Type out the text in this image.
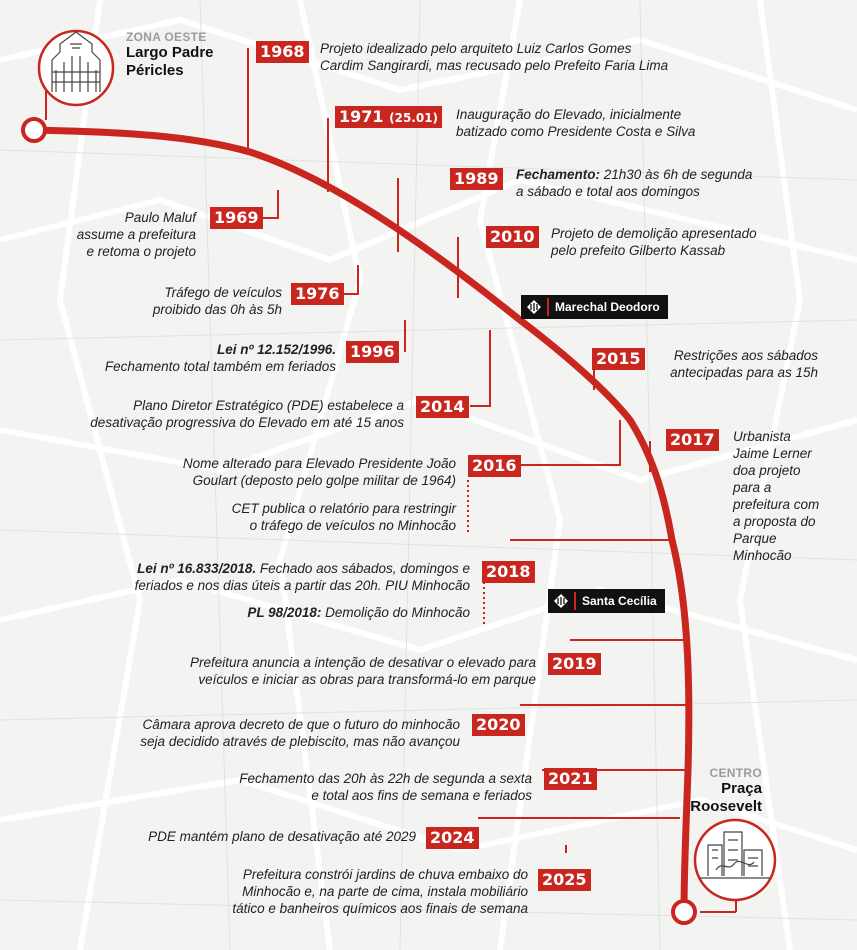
ZONA OESTE
Largo Padre
Péricles
CENTRO
Praça
Roosevelt
Marechal Deodoro
Santa Cecília
1968 Projeto idealizado pelo arquiteto Luiz Carlos Gomes
Cardim Sangirardi, mas recusado pelo Prefeito Faria Lima
1971 (25.01) Inauguração do Elevado, inicialmente
batizado como Presidente Costa e Silva
1989 Fechamento: 21h30 às 6h de segunda
a sábado e total aos domingos
Paulo Maluf
assume a prefeitura
e retoma o projeto
1969
2010 Projeto de demolição apresentado
pelo prefeito Gilberto Kassab
Tráfego de veículos
proibido das 0h às 5h
1976
Lei nº 12.152/1996.
Fechamento total também em feriados
1996	2015	Restrições aos sábados
antecipadas para as 15h
Plano Diretor Estratégico (PDE) estabelece a
desativação progressiva do Elevado em até 15 anos
2014
2017 Urbanista
Jaime Lerner
doa projeto
para a
prefeitura com
a proposta do
Parque
Minhocão
Nome alterado para Elevado Presidente João
Goulart (deposto pelo golpe militar de 1964)
2016
CET publica o relatório para restringir
o tráfego de veículos no Minhocão
Lei nº 16.833/2018. Fechado aos sábados, domingos e
feriados e nos dias úteis a partir das 20h. PIU Minhocão
2018
PL 98/2018: Demolição do Minhocão
Prefeitura anuncia a intenção de desativar o elevado para
veículos e iniciar as obras para transformá-lo em parque
2019
Câmara aprova decreto de que o futuro do minhocão
seja decidido através de plebiscito, mas não avançou
2020
Fechamento das 20h às 22h de segunda a sexta
e total aos fins de semana e feriados
2021
PDE mantém plano de desativação até 2029 2024
Prefeitura constrói jardins de chuva embaixo do
Minhocão e, na parte de cima, instala mobiliário
tático e banheiros químicos aos finais de semana
2025
